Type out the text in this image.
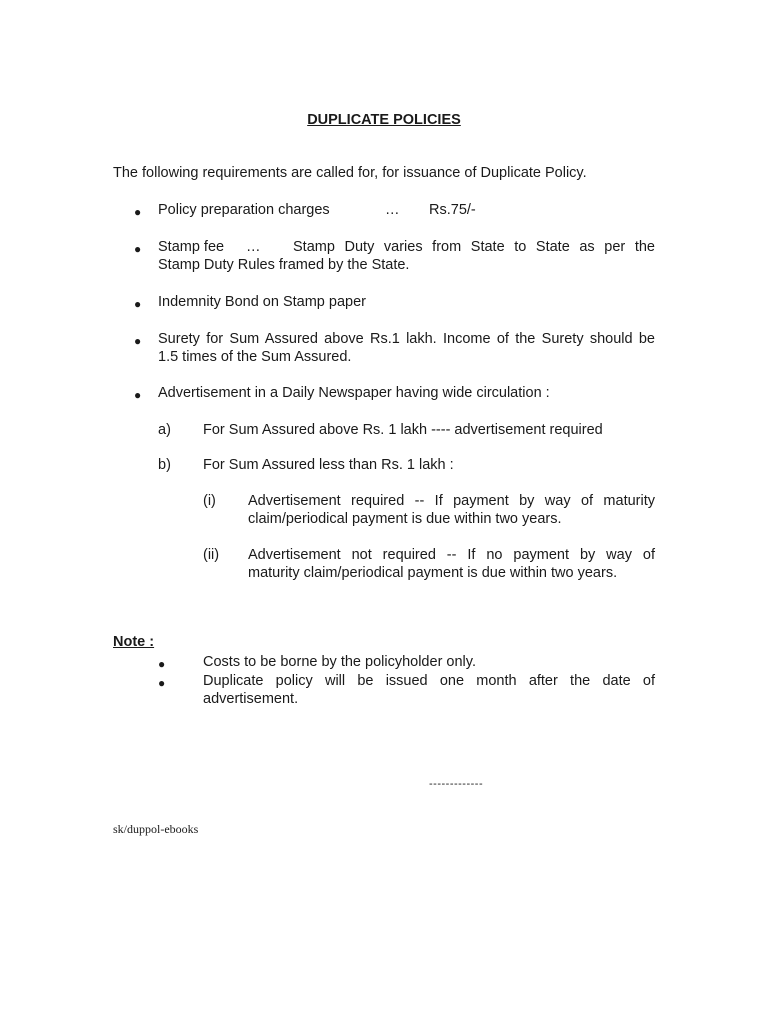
DUPLICATE POLICIES
The following requirements are called for, for issuance of Duplicate Policy.
● Policy preparation charges	… Rs.75/-
● Stamp fee … Stamp Duty varies from State to State as per the
Stamp Duty Rules framed by the State.
● Indemnity Bond on Stamp paper
● Surety for Sum Assured above Rs.1 lakh. Income of the Surety should be
1.5 times of the Sum Assured.
● Advertisement in a Daily Newspaper having wide circulation :
a) For Sum Assured above Rs. 1 lakh ---- advertisement required
b) For Sum Assured less than Rs. 1 lakh :
(i) Advertisement required -- If payment by way of maturity
claim/periodical payment is due within two years.
(ii) Advertisement not required -- If no payment by way of
maturity claim/periodical payment is due within two years.
Note :
●	Costs to be borne by the policyholder only.
●	Duplicate policy will be issued one month after the date of
advertisement.
-------------
sk/duppol-ebooks
